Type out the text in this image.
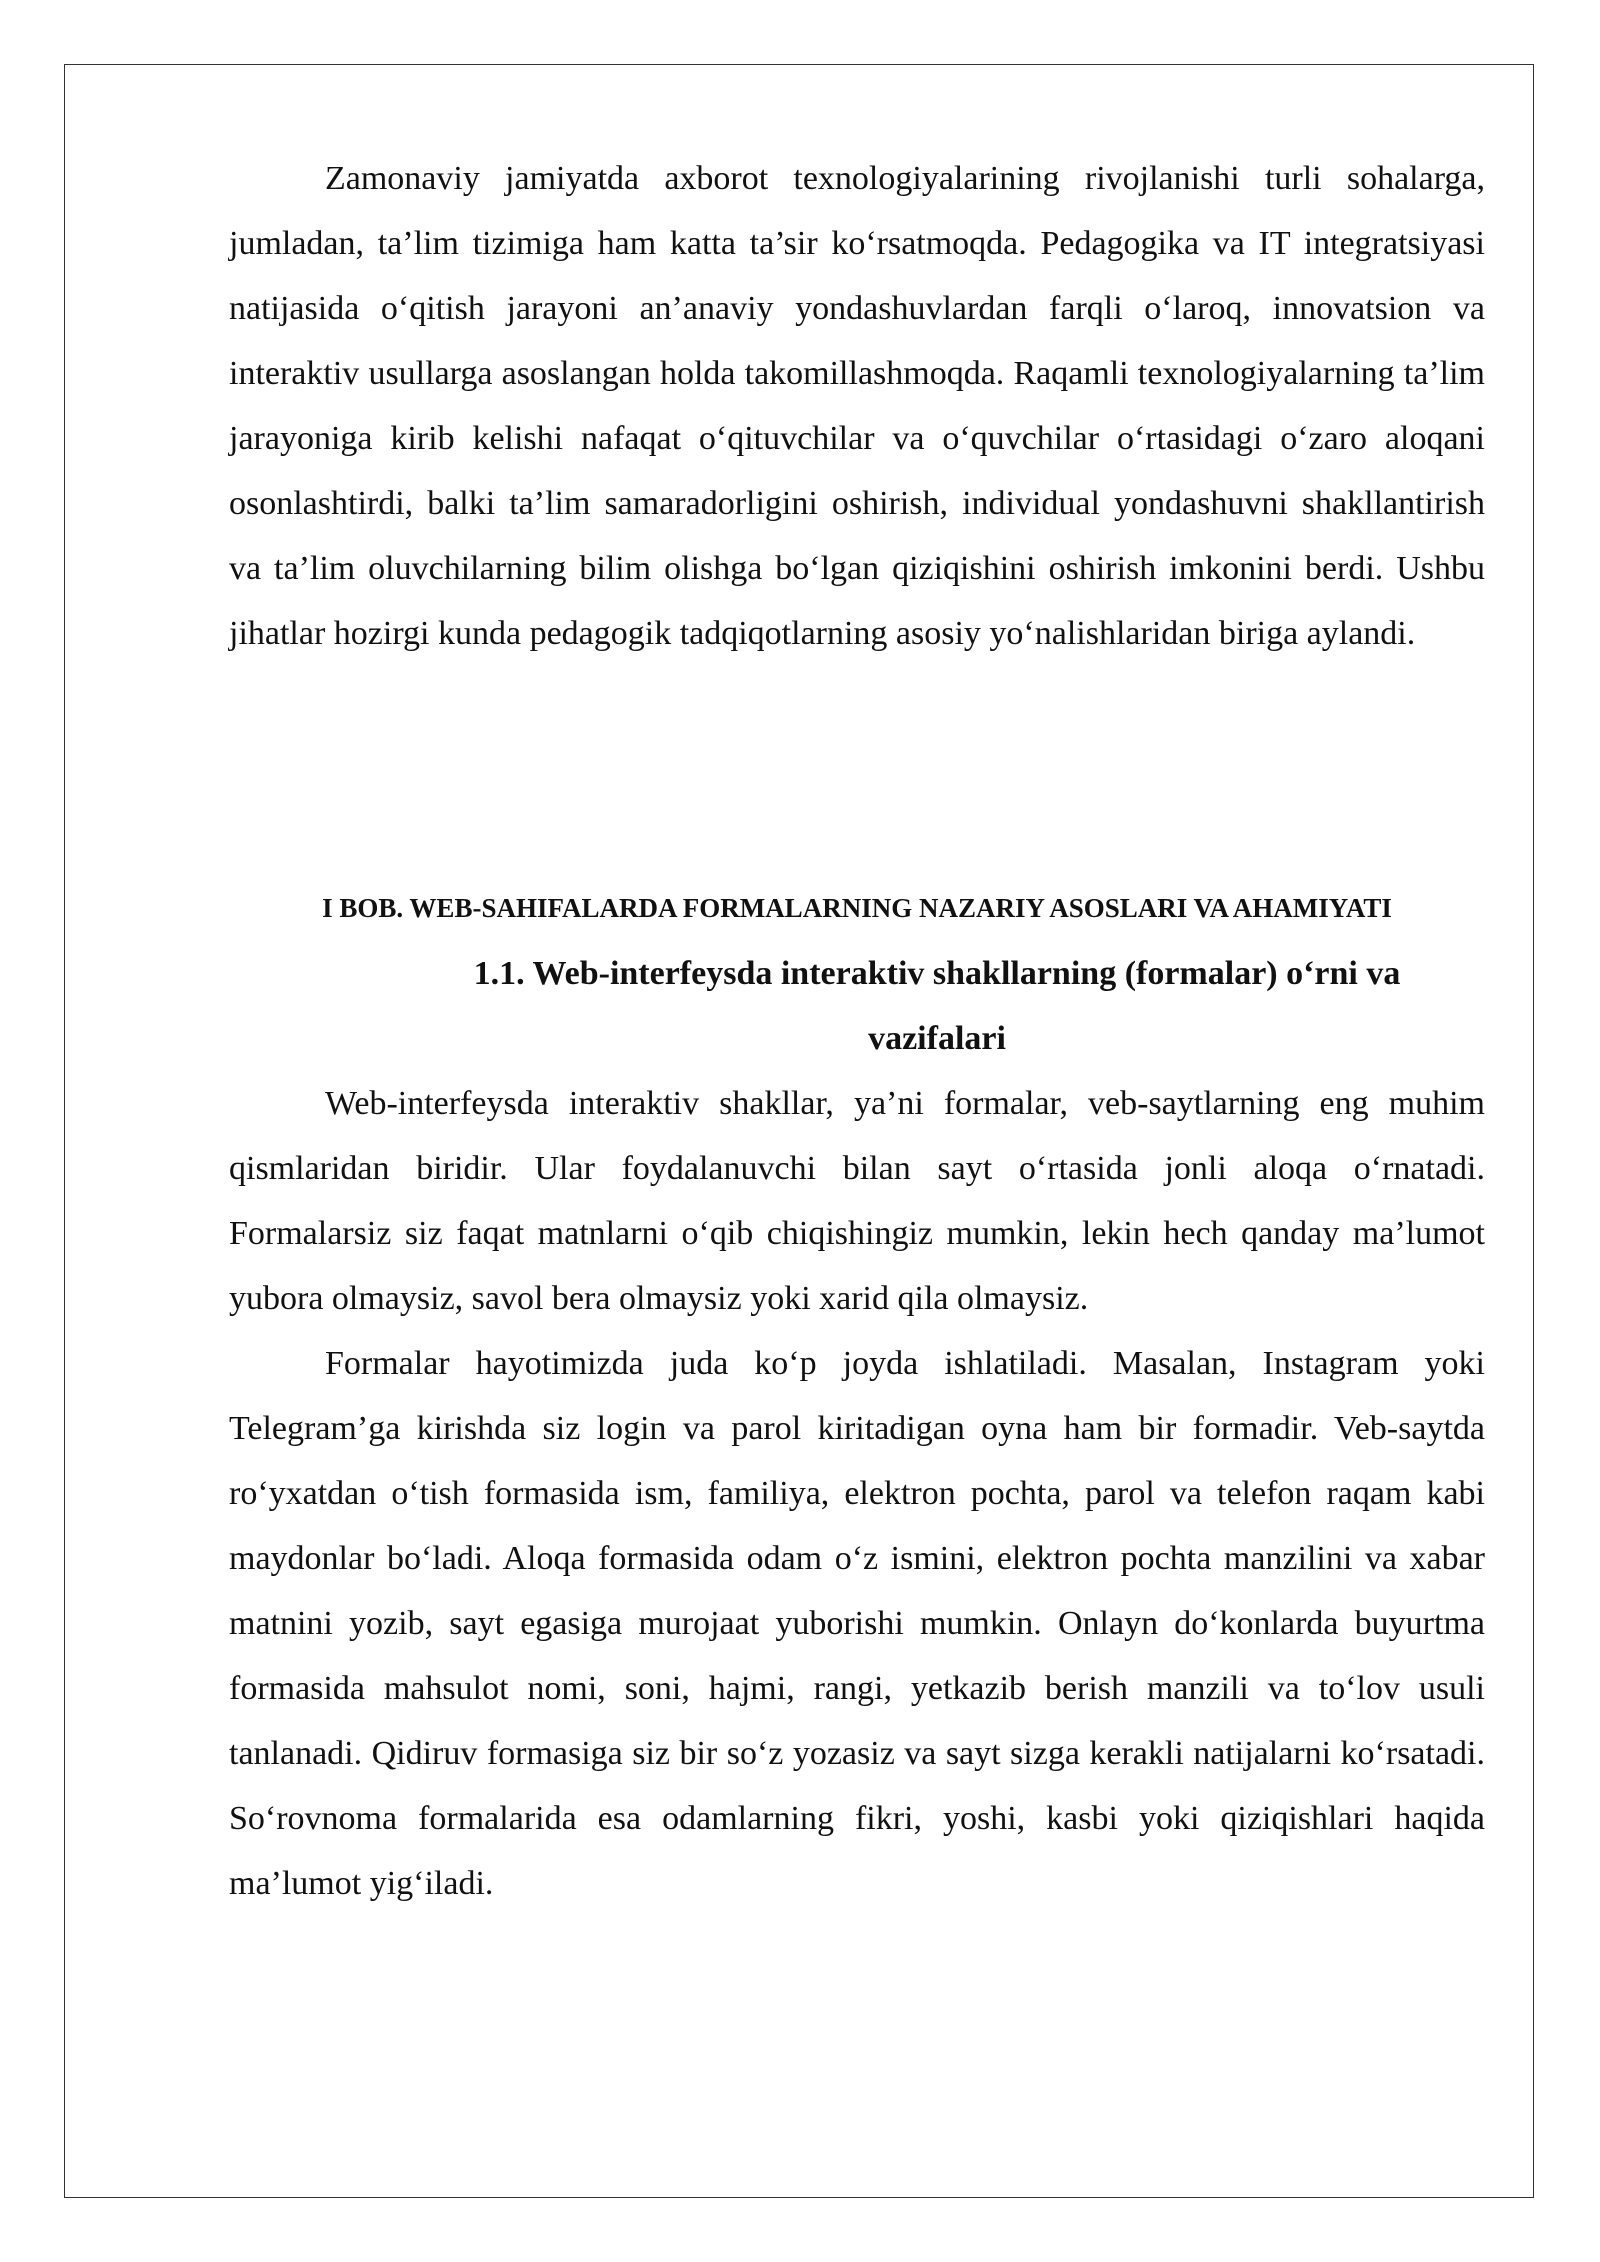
Zamonaviy jamiyatda axborot texnologiyalarining rivojlanishi turli sohalarga, jumladan, ta’lim tizimiga ham katta ta’sir ko‘rsatmoqda. Pedagogika va IT integratsiyasi natijasida o‘qitish jarayoni an’anaviy yondashuvlardan farqli o‘laroq, innovatsion va interaktiv usullarga asoslangan holda takomillashmoqda. Raqamli texnologiyalarning ta’lim jarayoniga kirib kelishi nafaqat o‘qituvchilar va o‘quvchilar o‘rtasidagi o‘zaro aloqani osonlashtirdi, balki ta’lim samaradorligini oshirish, individual yondashuvni shakllantirish va ta’lim oluvchilarning bilim olishga bo‘lgan qiziqishini oshirish imkonini berdi. Ushbu jihatlar hozirgi kunda pedagogik tadqiqotlarning asosiy yo‘nalishlaridan biriga aylandi.

I BOB. WEB-SAHIFALARDA FORMALARNING NAZARIY ASOSLARI VA AHAMIYATI
1.1. Web-interfeysda interaktiv shakllarning (formalar) o‘rni va
vazifalari

Web-interfeysda interaktiv shakllar, ya’ni formalar, veb-saytlarning eng muhim qismlaridan biridir. Ular foydalanuvchi bilan sayt o‘rtasida jonli aloqa o‘rnatadi. Formalarsiz siz faqat matnlarni o‘qib chiqishingiz mumkin, lekin hech qanday ma’lumot yubora olmaysiz, savol bera olmaysiz yoki xarid qila olmaysiz.

Formalar hayotimizda juda ko‘p joyda ishlatiladi. Masalan, Instagram yoki Telegram’ga kirishda siz login va parol kiritadigan oyna ham bir formadir. Veb-saytda ro‘yxatdan o‘tish formasida ism, familiya, elektron pochta, parol va telefon raqam kabi maydonlar bo‘ladi. Aloqa formasida odam o‘z ismini, elektron pochta manzilini va xabar matnini yozib, sayt egasiga murojaat yuborishi mumkin. Onlayn do‘konlarda buyurtma formasida mahsulot nomi, soni, hajmi, rangi, yetkazib berish manzili va to‘lov usuli tanlanadi. Qidiruv formasiga siz bir so‘z yozasiz va sayt sizga kerakli natijalarni ko‘rsatadi. So‘rovnoma formalarida esa odamlarning fikri, yoshi, kasbi yoki qiziqishlari haqida ma’lumot yig‘iladi.
